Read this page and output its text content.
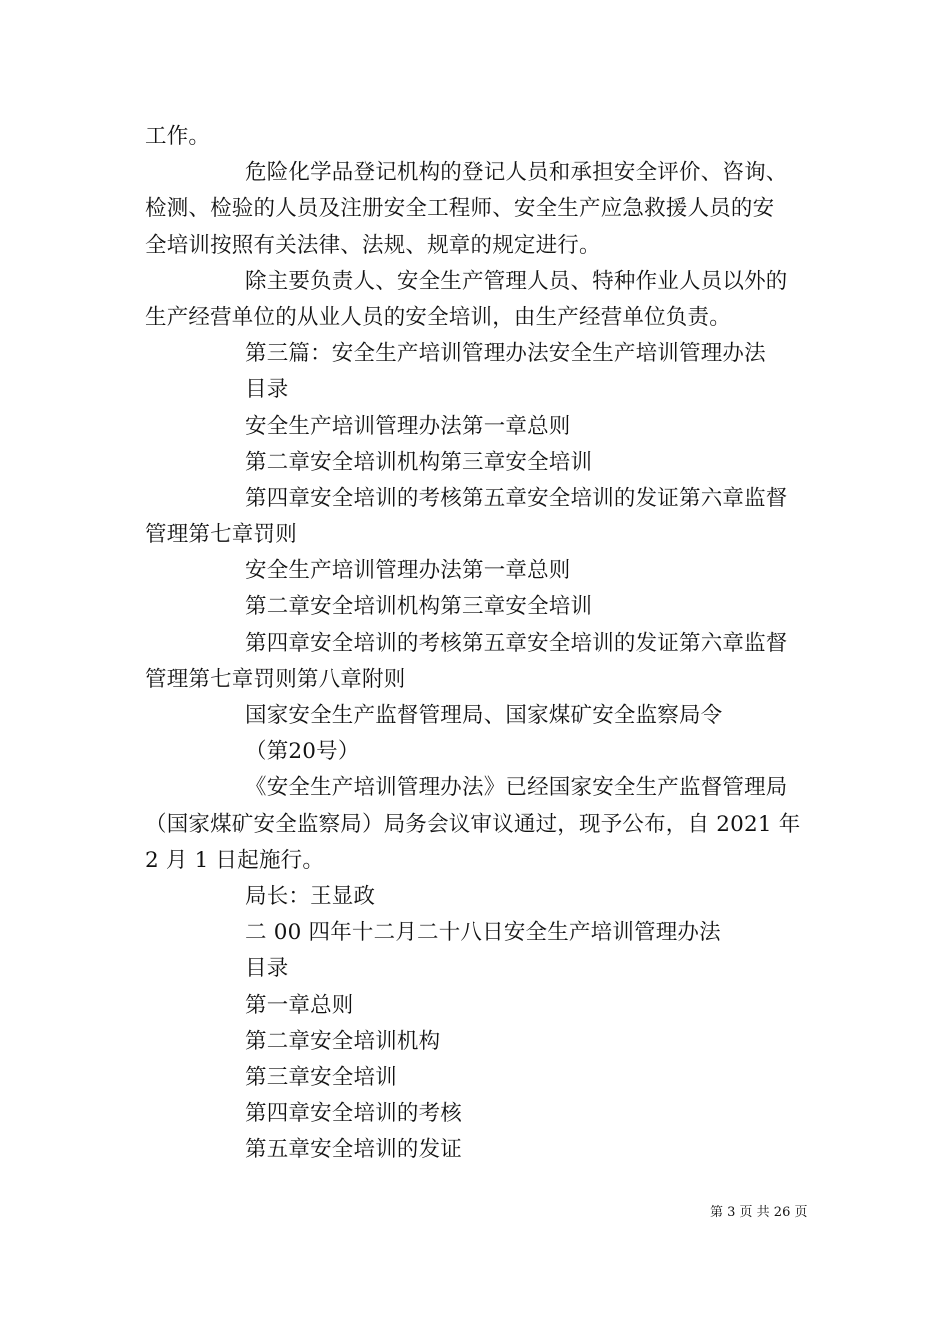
工作。
危险化学品登记机构的登记人员和承担安全评价、咨询、
检测、检验的人员及注册安全工程师、安全生产应急救援人员的安
全培训按照有关法律、法规、规章的规定进行。
除主要负责人、安全生产管理人员、特种作业人员以外的
生产经营单位的从业人员的安全培训，由生产经营单位负责。
第三篇：安全生产培训管理办法安全生产培训管理办法
目录
安全生产培训管理办法第一章总则
第二章安全培训机构第三章安全培训
第四章安全培训的考核第五章安全培训的发证第六章监督
管理第七章罚则
安全生产培训管理办法第一章总则
第二章安全培训机构第三章安全培训
第四章安全培训的考核第五章安全培训的发证第六章监督
管理第七章罚则第八章附则
国家安全生产监督管理局、国家煤矿安全监察局令
（第20号）
《安全生产培训管理办法》已经国家安全生产监督管理局
（国家煤矿安全监察局）局务会议审议通过，现予公布，自 2021 年
2 月 1 日起施行。
局长：王显政
二 00 四年十二月二十八日安全生产培训管理办法
目录
第一章总则
第二章安全培训机构
第三章安全培训
第四章安全培训的考核
第五章安全培训的发证
第 3 页 共 26 页
